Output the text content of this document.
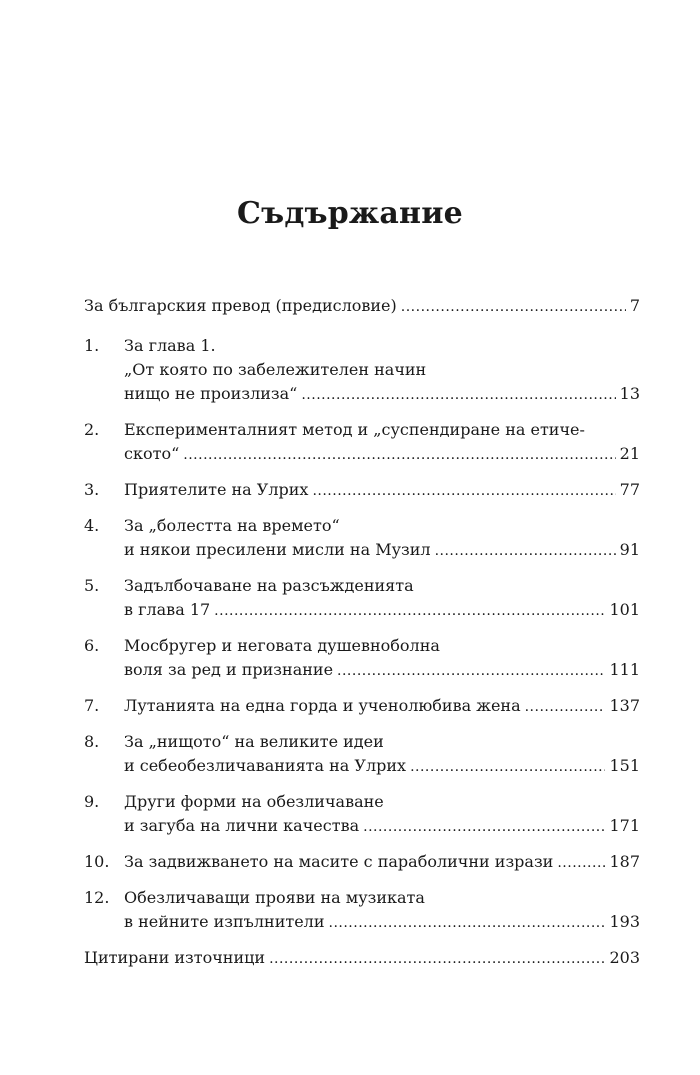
Съдържание
За българския превод (предисловие) .....	7
1.	За глава 1.
„От която по забележителен начин
нищо не произлиза“ .....	13
2.	Експерименталният метод и „суспендиране на етиче-
ското“ .....	21
3.	Приятелите на Улрих .....	77
4.	За „болестта на времето“
и някои пресилени мисли на Музил .....	91
5.	Задълбочаване на разсъжденията
в глава 17 .....	101
6.	Мосбругер и неговата душевноболна
воля за ред и признание .....	111
7.	Лутанията на една горда и ученолюбива жена .....	137
8.	За „нищото“ на великите идеи
и себеобезличаванията на Улрих .....	151
9.	Други форми на обезличаване
и загуба на лични качества .....	171
10. За задвижването на масите с параболични изрази .....	187
12. Обезличаващи прояви на музиката
в нейните изпълнители .....	193
Цитирани източници .....	203
